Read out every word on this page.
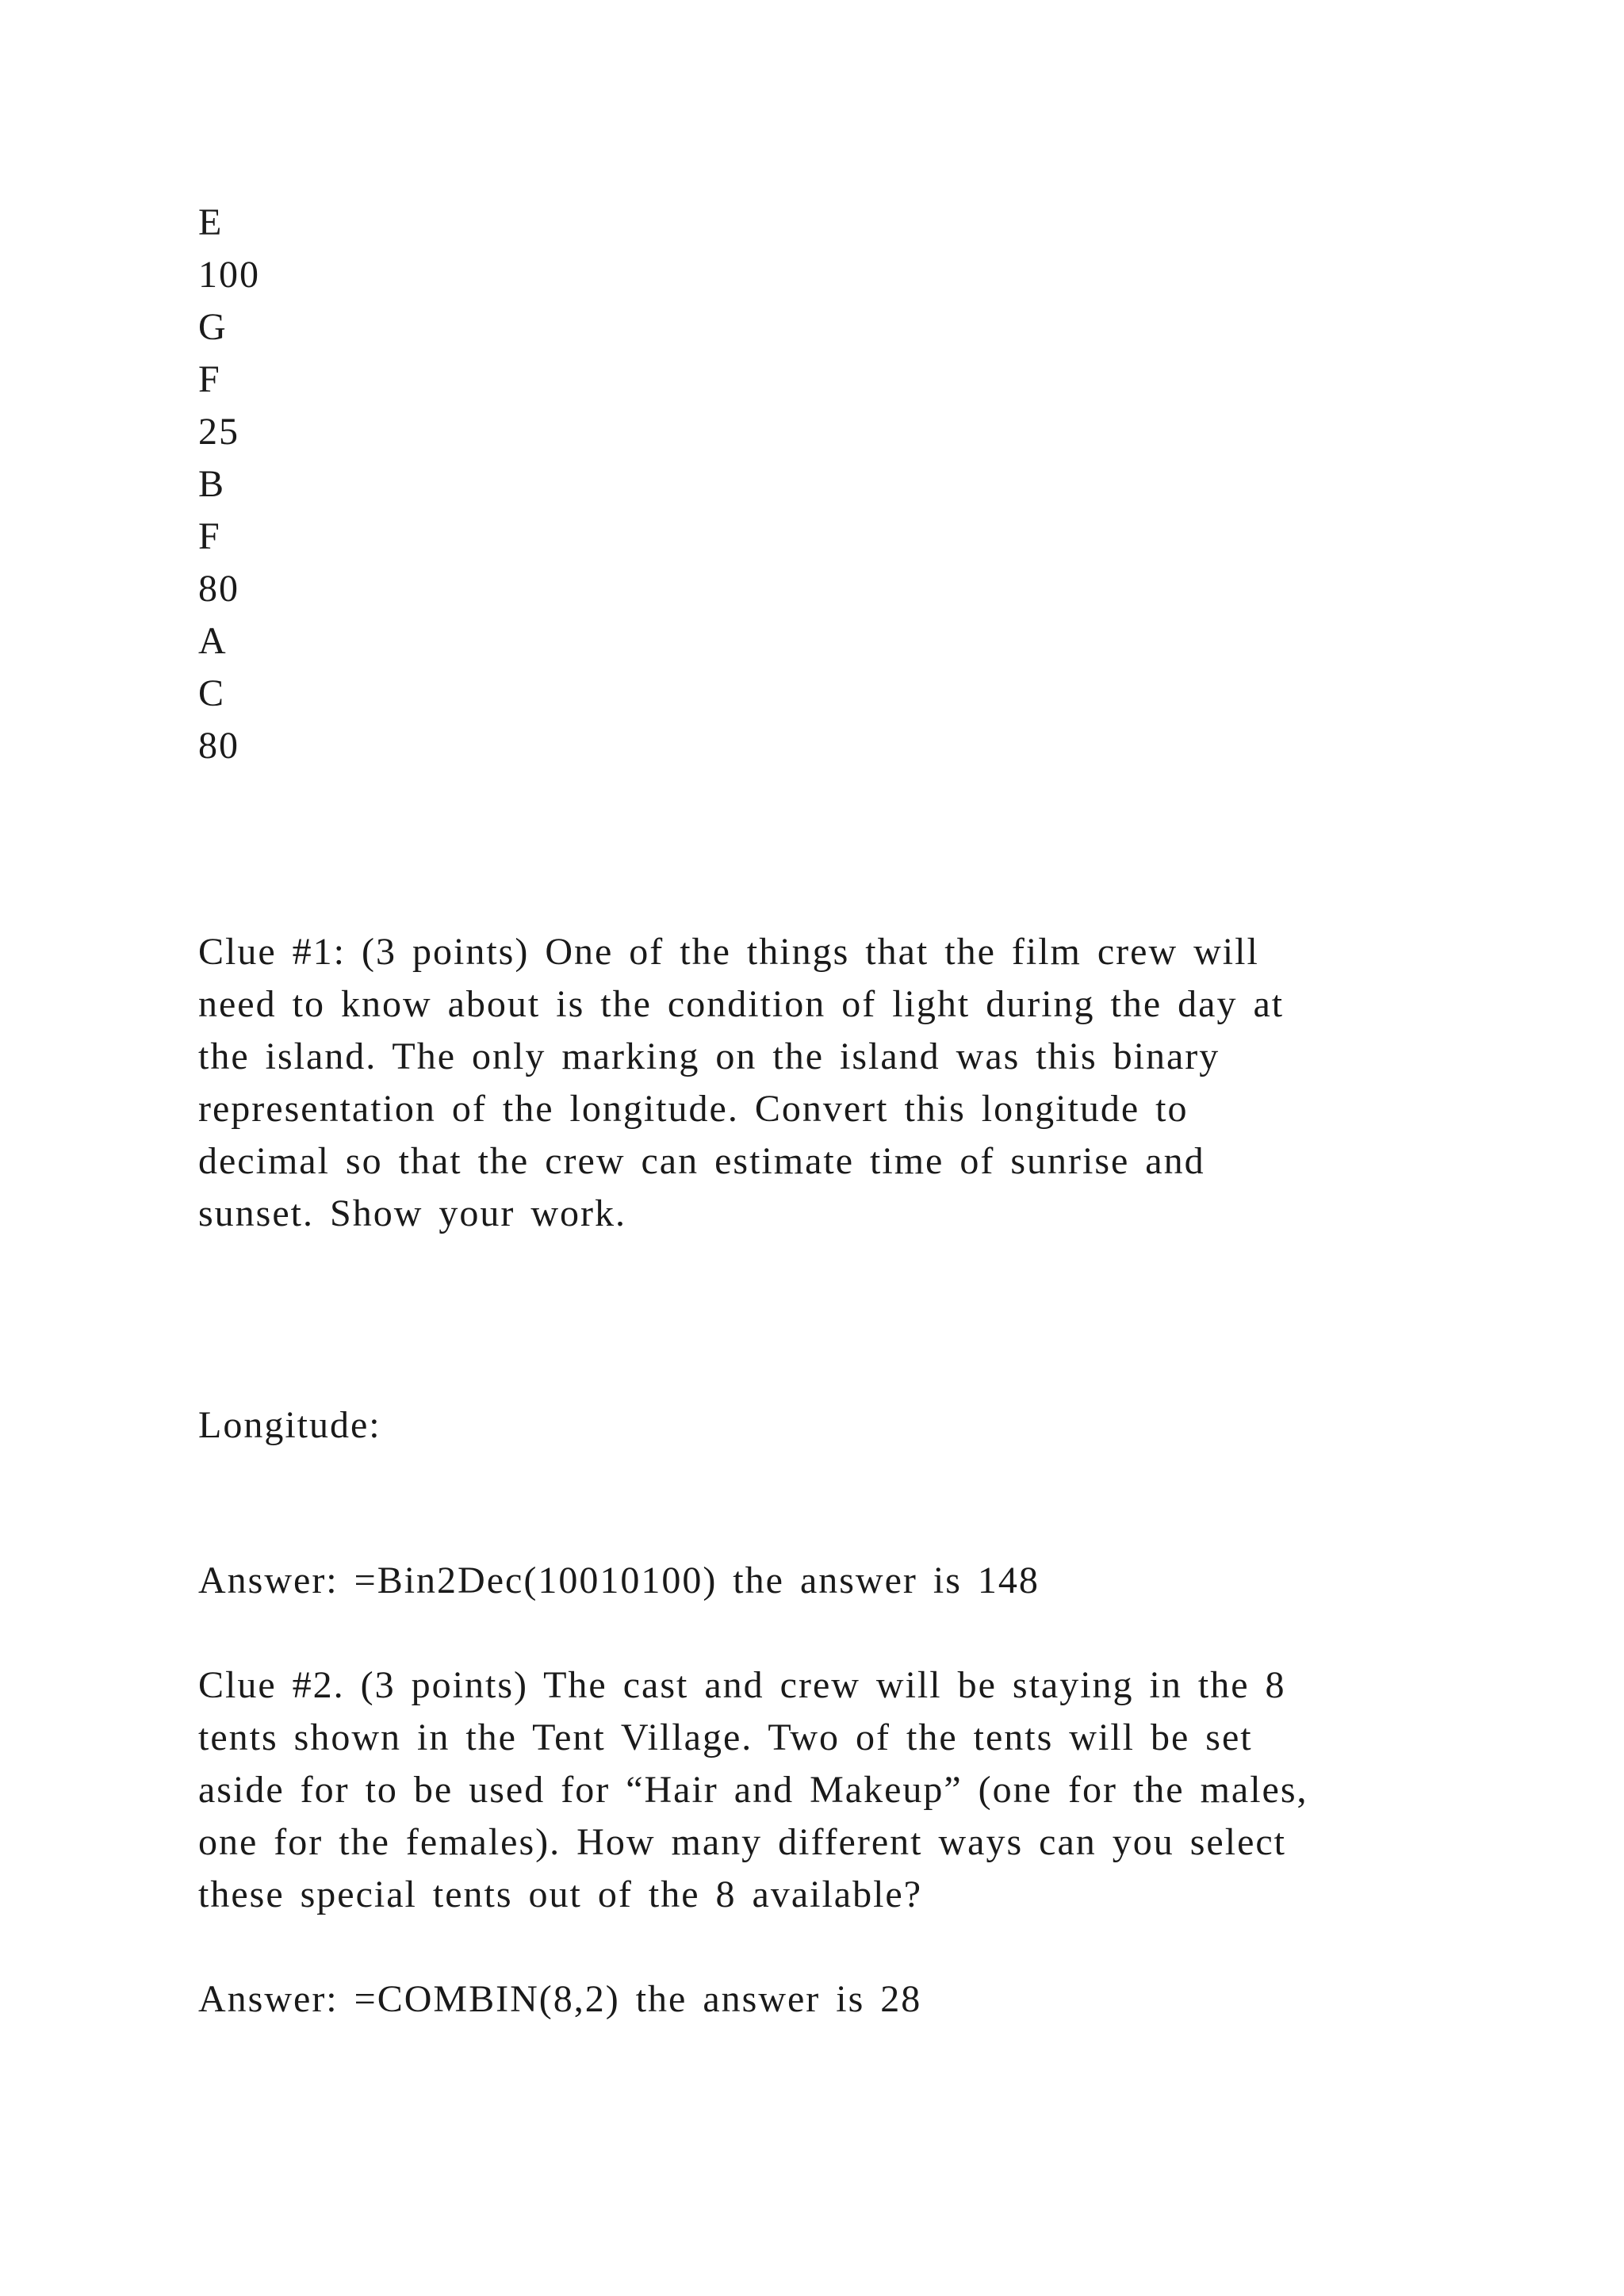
E
100
G
F
25
B
F
80
A
C
80

Clue #1: (3 points) One of the things that the film crew will
need to know about is the condition of light during the day at
the island. The only marking on the island was this binary
representation of the longitude. Convert this longitude to
decimal so that the crew can estimate time of sunrise and
sunset. Show your work.

Longitude:

Answer: =Bin2Dec(10010100) the answer is 148

Clue #2. (3 points) The cast and crew will be staying in the 8
tents shown in the Tent Village. Two of the tents will be set
aside for to be used for “Hair and Makeup” (one for the males,
one for the females). How many different ways can you select
these special tents out of the 8 available?

Answer: =COMBIN(8,2) the answer is 28
